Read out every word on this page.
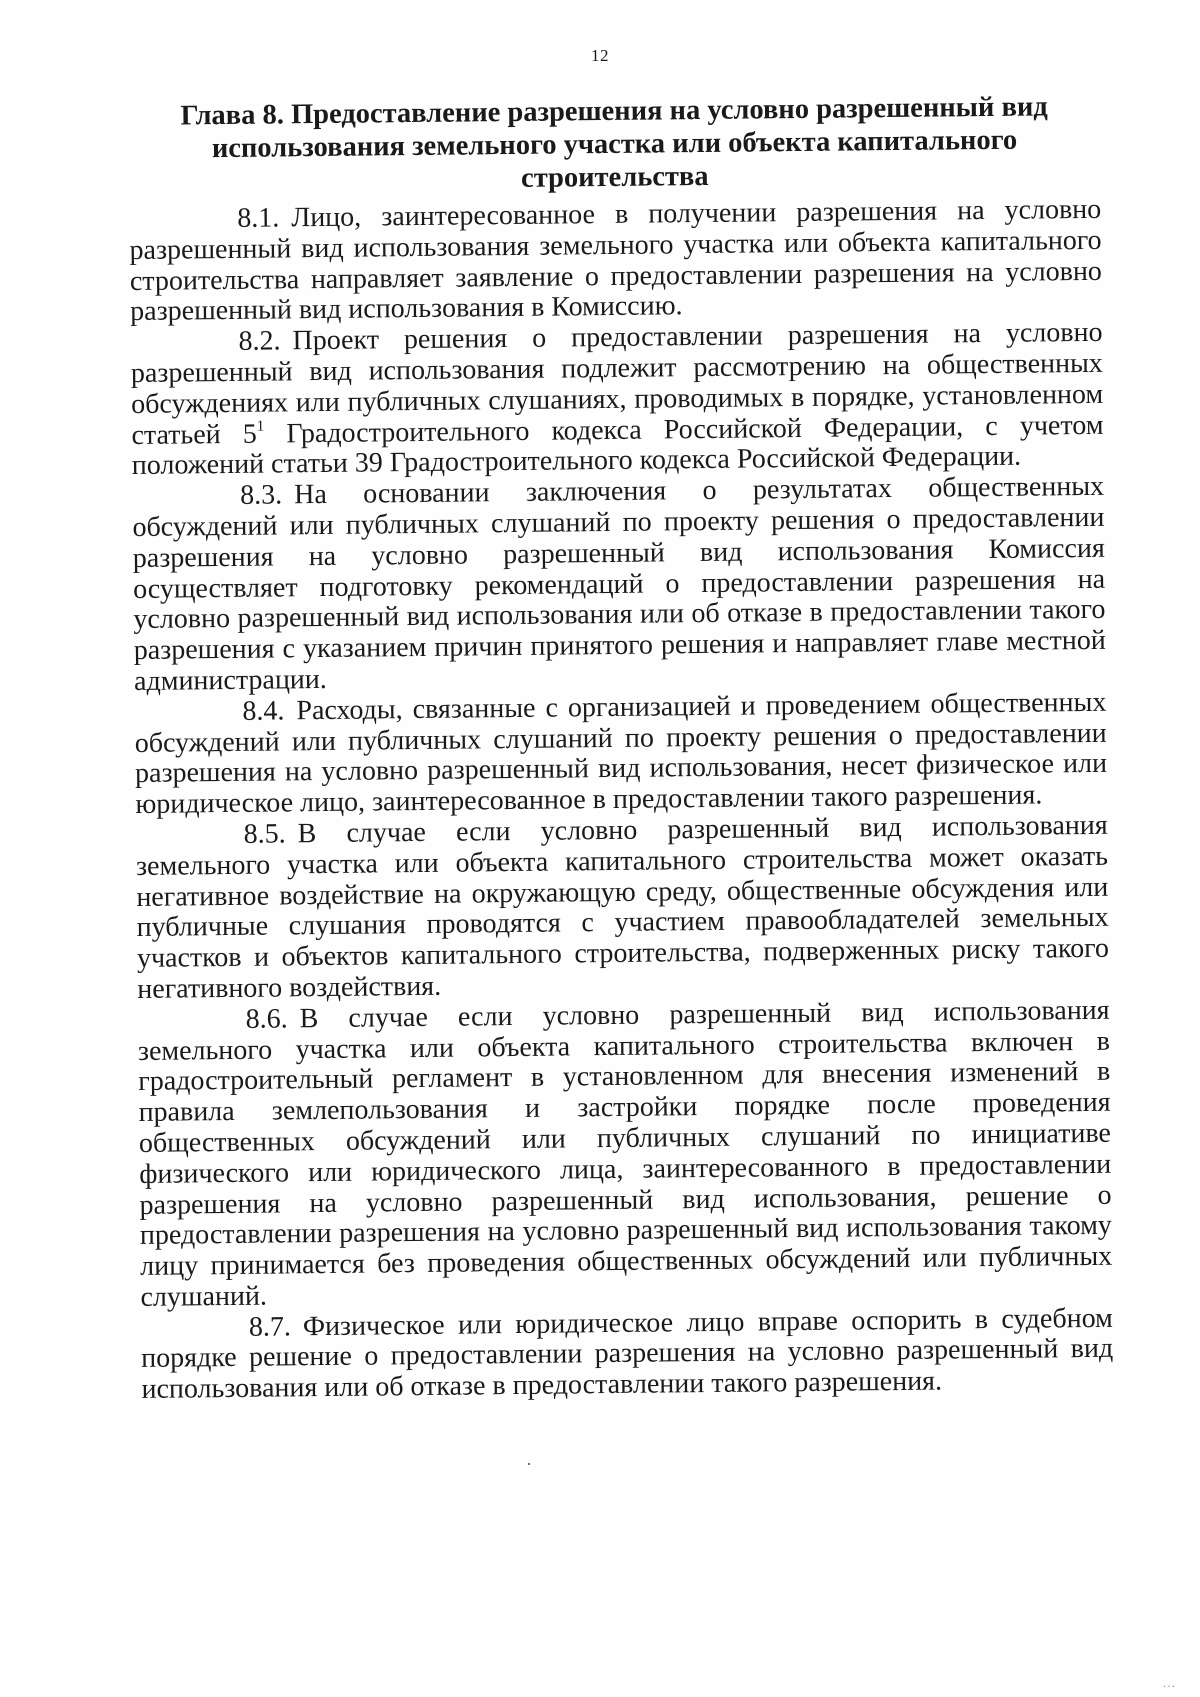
12
Глава 8. Предоставление разрешения на условно разрешенный вид использования земельного участка или объекта капитального строительства

8.1. Лицо, заинтересованное в получении разрешения на условно разрешенный вид использования земельного участка или объекта капитального строительства направляет заявление о предоставлении разрешения на условно разрешенный вид использования в Комиссию.

8.2. Проект решения о предоставлении разрешения на условно разрешенный вид использования подлежит рассмотрению на общественных обсуждениях или публичных слушаниях, проводимых в порядке, установленном статьей $5^1$ Градостроительного кодекса Российской Федерации, с учетом положений статьи 39 Градостроительного кодекса Российской Федерации.

8.3. На основании заключения о результатах общественных обсуждений или публичных слушаний по проекту решения о предоставлении разрешения на условно разрешенный вид использования Комиссия осуществляет подготовку рекомендаций о предоставлении разрешения на условно разрешенный вид использования или об отказе в предоставлении такого разрешения с указанием причин принятого решения и направляет главе местной администрации.

8.4. Расходы, связанные с организацией и проведением общественных обсуждений или публичных слушаний по проекту решения о предоставлении разрешения на условно разрешенный вид использования, несет физическое или юридическое лицо, заинтересованное в предоставлении такого разрешения.

8.5. В случае если условно разрешенный вид использования земельного участка или объекта капитального строительства может оказать негативное воздействие на окружающую среду, общественные обсуждения или публичные слушания проводятся с участием правообладателей земельных участков и объектов капитального строительства, подверженных риску такого негативного воздействия.

8.6. В случае если условно разрешенный вид использования земельного участка или объекта капитального строительства включен в градостроительный регламент в установленном для внесения изменений в правила землепользования и застройки порядке после проведения общественных обсуждений или публичных слушаний по инициативе физического или юридического лица, заинтересованного в предоставлении разрешения на условно разрешенный вид использования, решение о предоставлении разрешения на условно разрешенный вид использования такому лицу принимается без проведения общественных обсуждений или публичных слушаний.

8.7. Физическое или юридическое лицо вправе оспорить в судебном порядке решение о предоставлении разрешения на условно разрешенный вид использования или об отказе в предоставлении такого разрешения.

·
···
